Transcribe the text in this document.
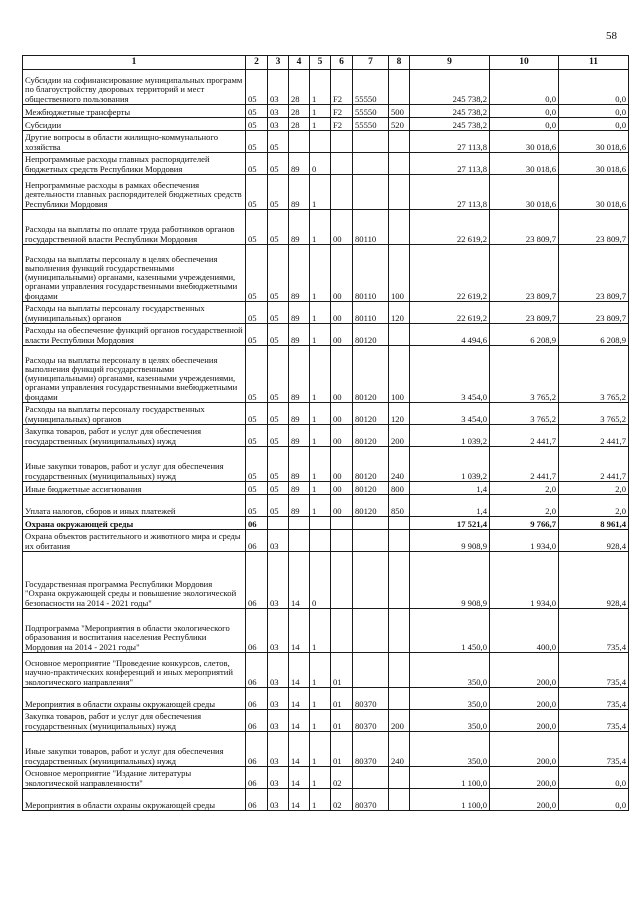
58
1	2	3	4	5	6	7	8	9	10	11
Субсидии на софинансирование муниципальных программ по благоустройству дворовых территорий и мест общественного пользования	05	03	28	1	F2	55550		245 738,2	0,0	0,0
Межбюджетные трансферты	05	03	28	1	F2	55550	500	245 738,2	0,0	0,0
Субсидии	05	03	28	1	F2	55550	520	245 738,2	0,0	0,0
Другие вопросы в области жилищно-коммунального хозяйства	05	05						27 113,8	30 018,6	30 018,6
Непрограммные расходы главных распорядителей бюджетных средств Республики Мордовия	05	05	89	0				27 113,8	30 018,6	30 018,6
Непрограммные расходы в рамках обеспечения деятельности главных распорядителей бюджетных средств Республики Мордовия	05	05	89	1				27 113,8	30 018,6	30 018,6
Расходы на выплаты по оплате труда работников органов государственной власти Республики Мордовия	05	05	89	1	00	80110		22 619,2	23 809,7	23 809,7
Расходы на выплаты персоналу в целях обеспечения выполнения функций государственными (муниципальными) органами, казенными учреждениями, органами управления государственными внебюджетными фондами	05	05	89	1	00	80110	100	22 619,2	23 809,7	23 809,7
Расходы на выплаты персоналу государственных (муниципальных) органов	05	05	89	1	00	80110	120	22 619,2	23 809,7	23 809,7
Расходы на обеспечение функций органов государственной власти Республики Мордовия	05	05	89	1	00	80120		4 494,6	6 208,9	6 208,9
Расходы на выплаты персоналу в целях обеспечения выполнения функций государственными (муниципальными) органами, казенными учреждениями, органами управления государственными внебюджетными фондами	05	05	89	1	00	80120	100	3 454,0	3 765,2	3 765,2
Расходы на выплаты персоналу государственных (муниципальных) органов	05	05	89	1	00	80120	120	3 454,0	3 765,2	3 765,2
Закупка товаров, работ и услуг для обеспечения государственных (муниципальных) нужд	05	05	89	1	00	80120	200	1 039,2	2 441,7	2 441,7
Иные закупки товаров, работ и услуг для обеспечения государственных (муниципальных) нужд	05	05	89	1	00	80120	240	1 039,2	2 441,7	2 441,7
Иные бюджетные ассигнования	05	05	89	1	00	80120	800	1,4	2,0	2,0
Уплата налогов, сборов и иных платежей	05	05	89	1	00	80120	850	1,4	2,0	2,0
Охрана окружающей среды	06							17 521,4	9 766,7	8 961,4
Охрана объектов растительного и животного мира и среды их обитания	06	03						9 908,9	1 934,0	928,4
Государственная программа Республики Мордовия "Охрана окружающей среды и повышение экологической безопасности на 2014 - 2021 годы"	06	03	14	0				9 908,9	1 934,0	928,4
Подпрограмма "Мероприятия в области экологического образования и воспитания населения Республики Мордовия на 2014 - 2021 годы"	06	03	14	1				1 450,0	400,0	735,4
Основное мероприятие "Проведение конкурсов, слетов, научно-практических конференций и иных мероприятий экологического направления"	06	03	14	1	01			350,0	200,0	735,4
Мероприятия в области охраны окружающей среды	06	03	14	1	01	80370		350,0	200,0	735,4
Закупка товаров, работ и услуг для обеспечения государственных (муниципальных) нужд	06	03	14	1	01	80370	200	350,0	200,0	735,4
Иные закупки товаров, работ и услуг для обеспечения государственных (муниципальных) нужд	06	03	14	1	01	80370	240	350,0	200,0	735,4
Основное мероприятие "Издание литературы экологической направленности"	06	03	14	1	02			1 100,0	200,0	0,0
Мероприятия в области охраны окружающей среды	06	03	14	1	02	80370		1 100,0	200,0	0,0
